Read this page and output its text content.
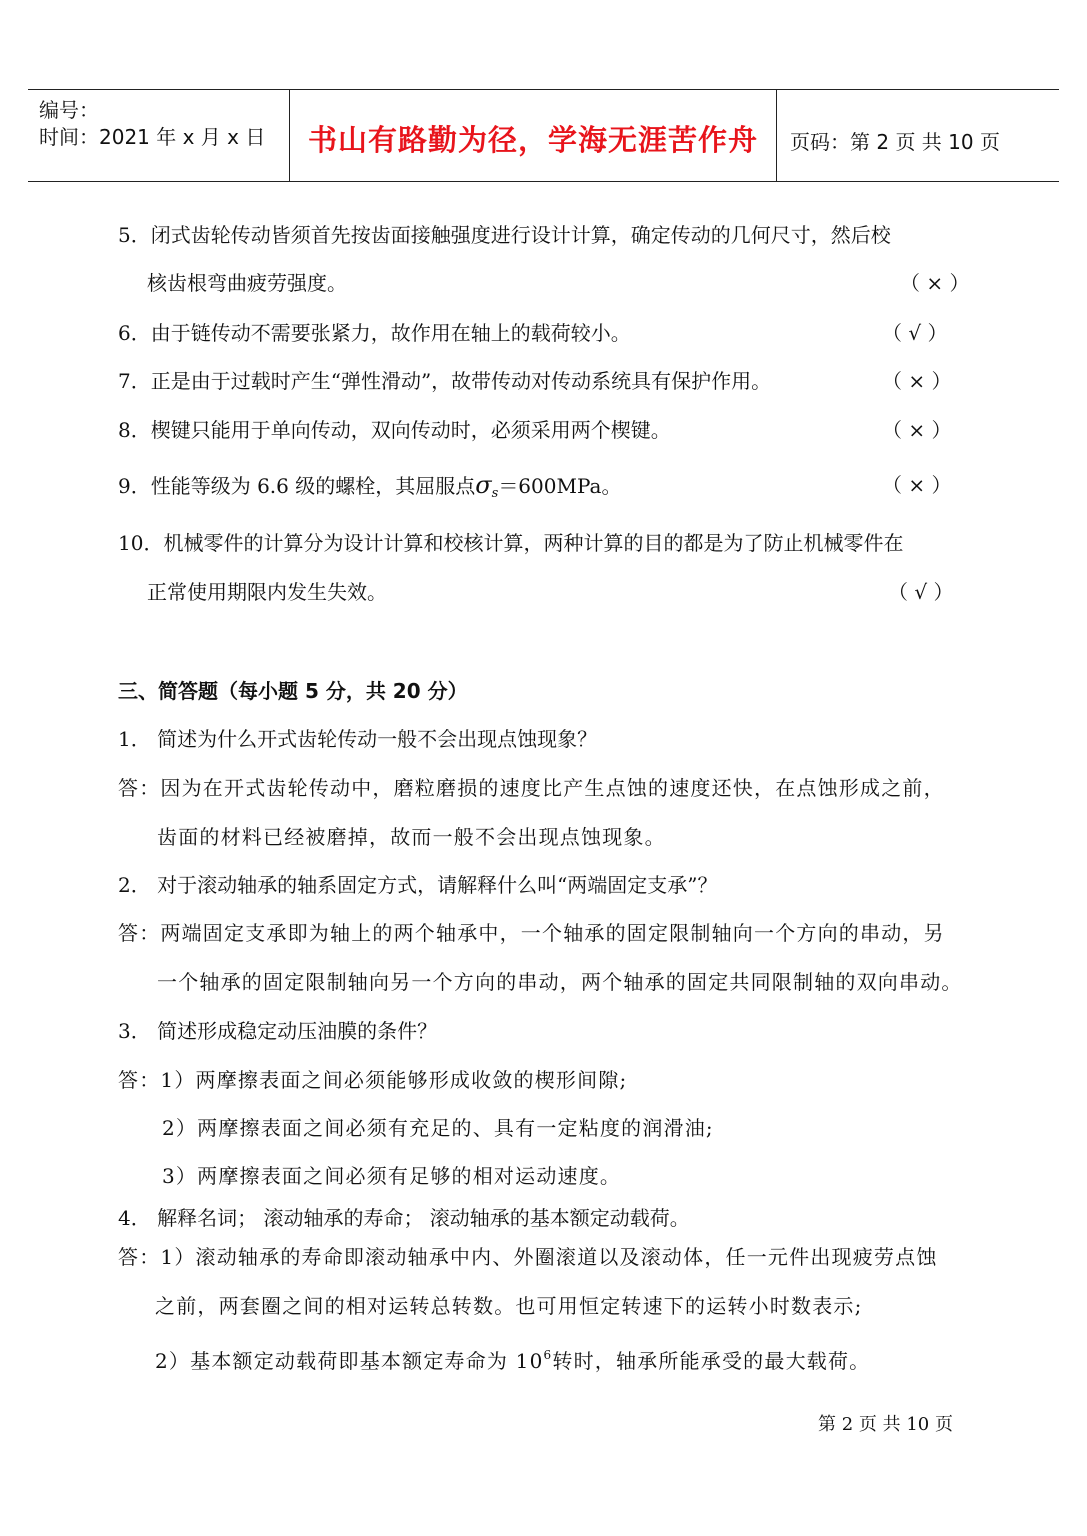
编号：
时间：2021 年 x 月 x 日	书山有路勤为径，学海无涯苦作舟	页码：第 2 页 共 10 页
5．闭式齿轮传动皆须首先按齿面接触强度进行设计计算，确定传动的几何尺寸，然后校
核齿根弯曲疲劳强度。	（ × ）
6．由于链传动不需要张紧力，故作用在轴上的载荷较小。	（ √ ）
7．正是由于过载时产生“弹性滑动”，故带传动对传动系统具有保护作用。	（ × ）
8．楔键只能用于单向传动，双向传动时，必须采用两个楔键。	（ × ）
9．性能等级为 6.6 级的螺栓，其屈服点$\sigma_s=600MPa$。	（ × ）
10．机械零件的计算分为设计计算和校核计算，两种计算的目的都是为了防止机械零件在
正常使用期限内发生失效。	（ √ ）
三、简答题（每小题 5 分，共 20 分）
1． 简述为什么开式齿轮传动一般不会出现点蚀现象？
答：因为在开式齿轮传动中，磨粒磨损的速度比产生点蚀的速度还快，在点蚀形成之前，
齿面的材料已经被磨掉，故而一般不会出现点蚀现象。
2． 对于滚动轴承的轴系固定方式，请解释什么叫“两端固定支承”？
答：两端固定支承即为轴上的两个轴承中，一个轴承的固定限制轴向一个方向的串动，另
一个轴承的固定限制轴向另一个方向的串动，两个轴承的固定共同限制轴的双向串动。
3． 简述形成稳定动压油膜的条件？
答：1）两摩擦表面之间必须能够形成收敛的楔形间隙;
2）两摩擦表面之间必须有充足的、具有一定粘度的润滑油;
3）两摩擦表面之间必须有足够的相对运动速度。
4． 解释名词； 滚动轴承的寿命； 滚动轴承的基本额定动载荷。
答：1）滚动轴承的寿命即滚动轴承中内、外圈滚道以及滚动体，任一元件出现疲劳点蚀
之前，两套圈之间的相对运转总转数。也可用恒定转速下的运转小时数表示;
2）基本额定动载荷即基本额定寿命为 $10^6$转时，轴承所能承受的最大载荷。
第 2 页 共 10 页
